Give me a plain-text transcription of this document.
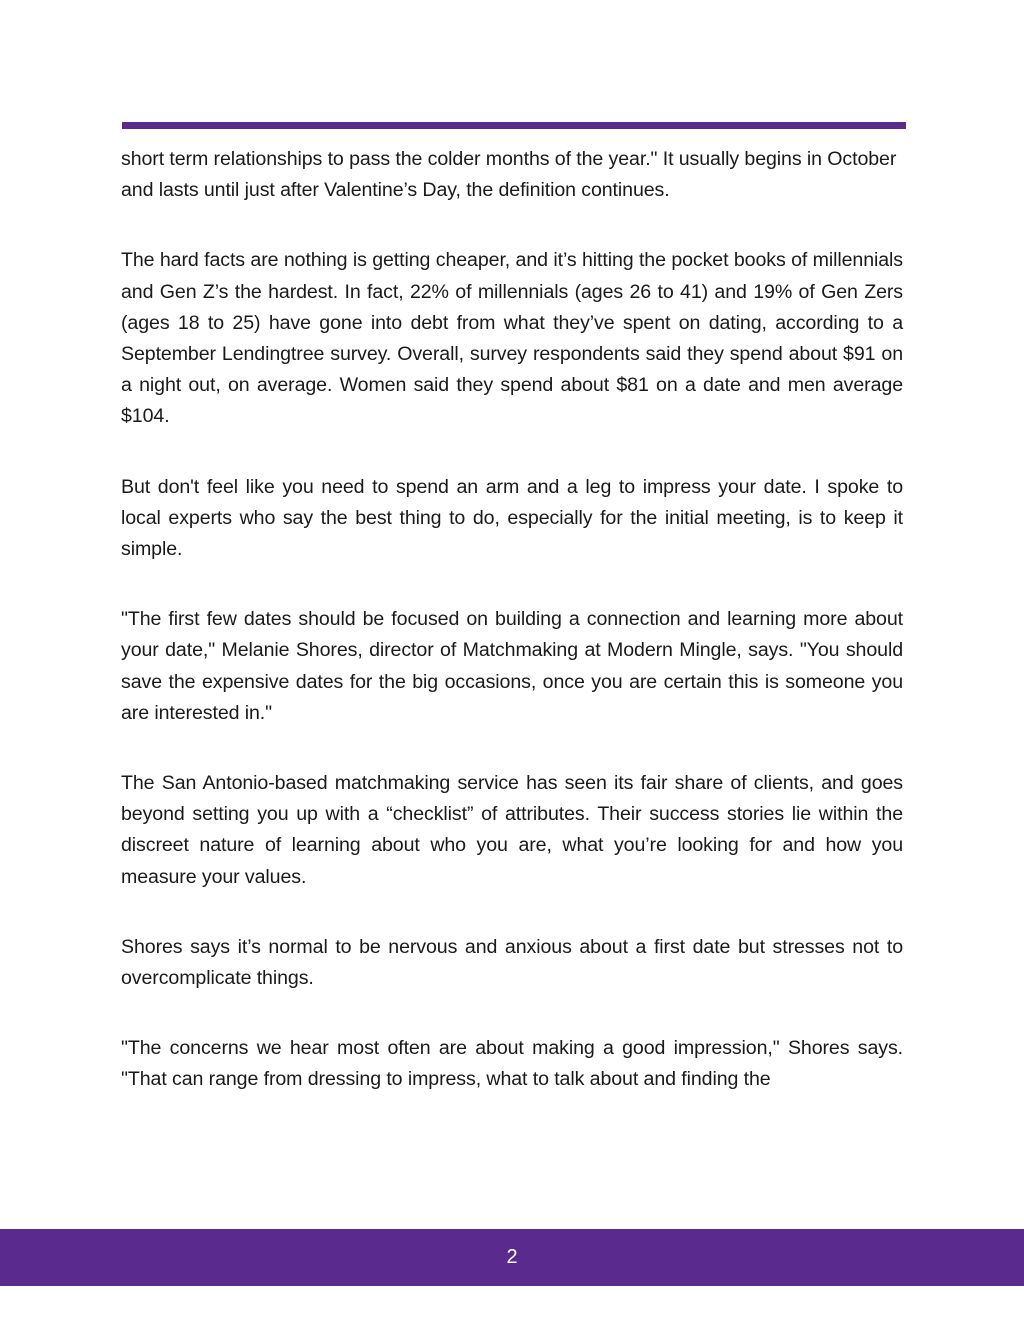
short term relationships to pass the colder months of the year." It usually begins in October and lasts until just after Valentine’s Day, the definition continues.

The hard facts are nothing is getting cheaper, and it’s hitting the pocket books of millennials and Gen Z’s the hardest. In fact, 22% of millennials (ages 26 to 41) and 19% of Gen Zers (ages 18 to 25) have gone into debt from what they’ve spent on dating, according to a September Lendingtree survey. Overall, survey respondents said they spend about $91 on a night out, on average. Women said they spend about $81 on a date and men average $104.

But don't feel like you need to spend an arm and a leg to impress your date. I spoke to local experts who say the best thing to do, especially for the initial meeting, is to keep it simple.

"The first few dates should be focused on building a connection and learning more about your date," Melanie Shores, director of Matchmaking at Modern Mingle, says. "You should save the expensive dates for the big occasions, once you are certain this is someone you are interested in."

The San Antonio-based matchmaking service has seen its fair share of clients, and goes beyond setting you up with a “checklist” of attributes. Their success stories lie within the discreet nature of learning about who you are, what you’re looking for and how you measure your values.

Shores says it’s normal to be nervous and anxious about a first date but stresses not to overcomplicate things.

"The concerns we hear most often are about making a good impression," Shores says. "That can range from dressing to impress, what to talk about and finding the

2
